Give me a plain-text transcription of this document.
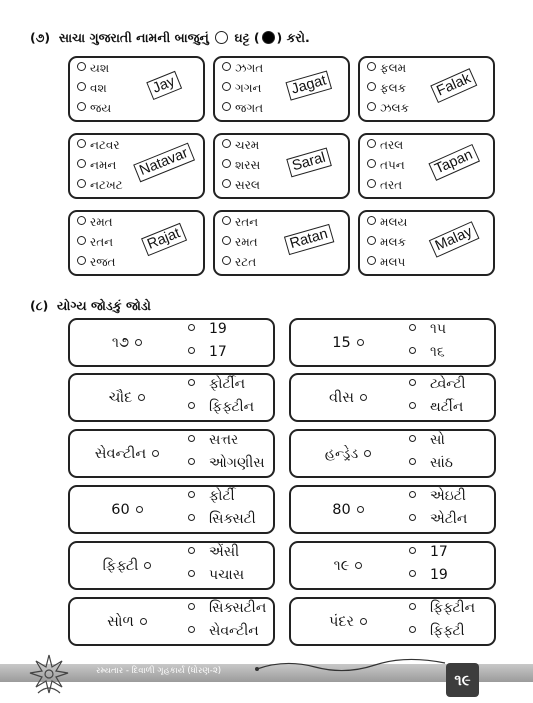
(૭) સાચા ગુજરાતી નામની બાજુનું ઘટ્ટ ( ) કરો.
યશ
વશ
જય
Jay
ઝગત
ગગન
જગત
Jagat
ફલમ
ફલક
ઝલક
Falak
નટવર
નમન
નટખટ
Natavar
ચરમ
શરસ
સરલ
Saral
તરલ
તપન
તરત
Tapan
રમત
રતન
રજત
Rajat
રતન
રમત
રટત
Ratan
મલય
મલક
મલપ
Malay
(૮) યોગ્ય જોડકું જોડો
૧૭
19
17
15
૧૫
૧૬
ચૌદ
ફોર્ટીન
ફિફ્ટીન
વીસ
ટ્વેન્ટી
થર્ટીન
સેવન્ટીન
સત્તર
ઓગણીસ
હન્ડ્રેડ
સો
સાંઠ
60
ફોર્ટી
સિક્સટી
80
એઇટી
એટીન
ફિફ્ટી
એંસી
પચાસ
૧૯
17
19
સોળ
સિક્સટીન
સેવન્ટીન
પંદર
ફિફ્ટીન
ફિફ્ટી
રમ્યતાર - દિવાળી ગૃહકાર્ય (ધોરણ-૨)	૧૯
